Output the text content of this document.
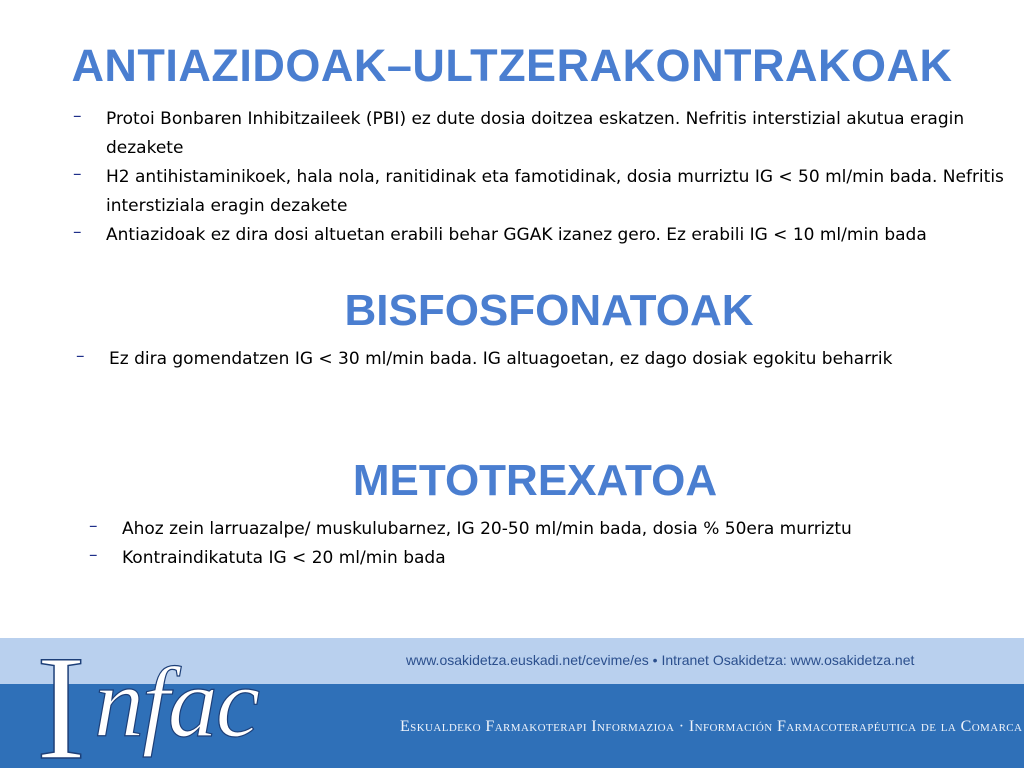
ANTIAZIDOAK–ULTZERAKONTRAKOAK
– Protoi Bonbaren Inhibitzaileek (PBI) ez dute dosia doitzea eskatzen. Nefritis interstizial akutua eragin dezakete
– H2 antihistaminikoek, hala nola, ranitidinak eta famotidinak, dosia murriztu IG < 50 ml/min bada. Nefritis interstiziala eragin dezakete
– Antiazidoak ez dira dosi altuetan erabili behar GGAK izanez gero. Ez erabili IG < 10 ml/min bada
BISFOSFONATOAK
– Ez dira gomendatzen IG < 30 ml/min bada. IG altuagoetan, ez dago dosiak egokitu beharrik
METOTREXATOA
– Ahoz zein larruazalpe/ muskulubarnez, IG 20-50 ml/min bada, dosia % 50era murriztu
– Kontraindikatuta IG < 20 ml/min bada
www.osakidetza.euskadi.net/cevime/es • Intranet Osakidetza: www.osakidetza.net
Eskualdeko Farmakoterapi Informazioa · Información Farmacoterapéutica de la Comarca
I nfac
